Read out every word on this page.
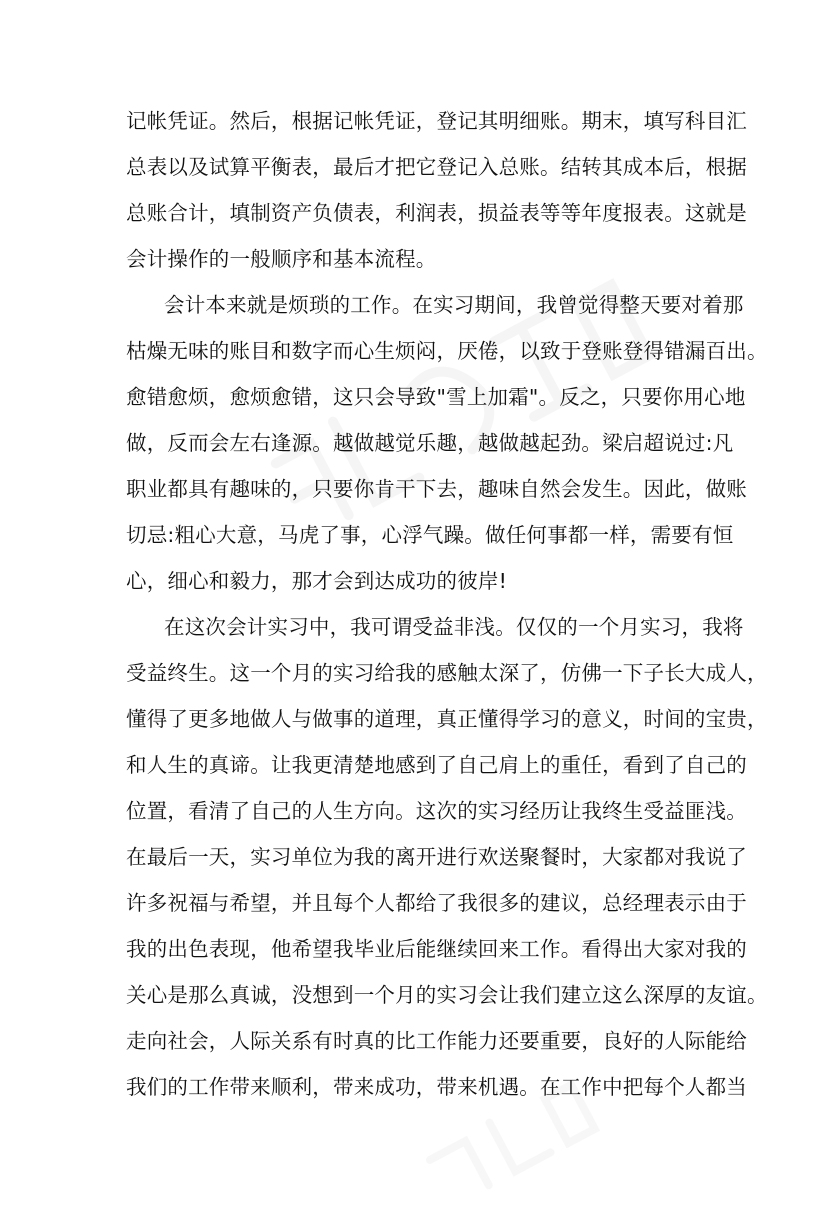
记帐凭证。然后，根据记帐凭证，登记其明细账。期末，填写科目汇
总表以及试算平衡表，最后才把它登记入总账。结转其成本后，根据
总账合计，填制资产负债表，利润表，损益表等等年度报表。这就是
会计操作的一般顺序和基本流程。
会计本来就是烦琐的工作。在实习期间，我曾觉得整天要对着那
枯燥无味的账目和数字而心生烦闷，厌倦，以致于登账登得错漏百出。
愈错愈烦，愈烦愈错，这只会导致"雪上加霜"。反之，只要你用心地
做，反而会左右逢源。越做越觉乐趣，越做越起劲。梁启超说过:凡
职业都具有趣味的，只要你肯干下去，趣味自然会发生。因此，做账
切忌:粗心大意，马虎了事，心浮气躁。做任何事都一样，需要有恒
心，细心和毅力，那才会到达成功的彼岸!
在这次会计实习中，我可谓受益非浅。仅仅的一个月实习，我将
受益终生。这一个月的实习给我的感触太深了，仿佛一下子长大成人，
懂得了更多地做人与做事的道理，真正懂得学习的意义，时间的宝贵，
和人生的真谛。让我更清楚地感到了自己肩上的重任，看到了自己的
位置，看清了自己的人生方向。这次的实习经历让我终生受益匪浅。
在最后一天，实习单位为我的离开进行欢送聚餐时，大家都对我说了
许多祝福与希望，并且每个人都给了我很多的建议，总经理表示由于
我的出色表现，他希望我毕业后能继续回来工作。看得出大家对我的
关心是那么真诚，没想到一个月的实习会让我们建立这么深厚的友谊。
走向社会，人际关系有时真的比工作能力还要重要，良好的人际能给
我们的工作带来顺利，带来成功，带来机遇。在工作中把每个人都当
